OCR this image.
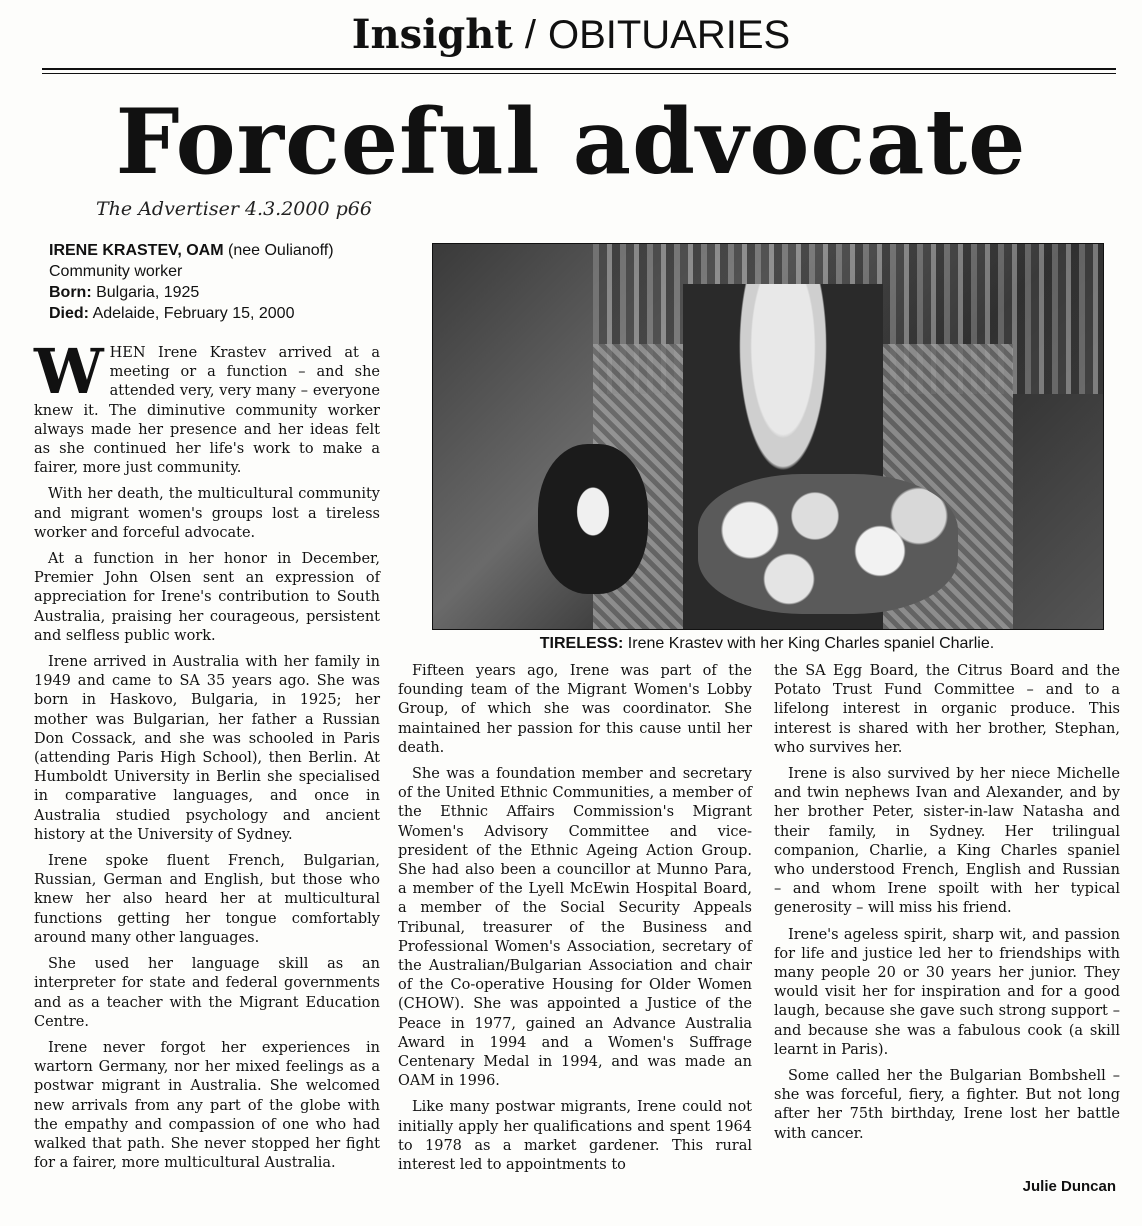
Insight / OBITUARIES
Forceful advocate
The Advertiser 4.3.2000 p66
IRENE KRASTEV, OAM (nee Oulianoff)
Community worker
Born: Bulgaria, 1925
Died: Adelaide, February 15, 2000
TIRELESS: Irene Krastev with her King Charles spaniel Charlie.

WHEN Irene Krastev arrived at a meeting or a function – and she attended very, very many – everyone knew it. The diminutive community worker always made her presence and her ideas felt as she continued her life's work to make a fairer, more just community.

With her death, the multicultural community and migrant women's groups lost a tireless worker and forceful advocate.

At a function in her honor in December, Premier John Olsen sent an expression of appreciation for Irene's contribution to South Australia, praising her courageous, persistent and selfless public work.

Irene arrived in Australia with her family in 1949 and came to SA 35 years ago. She was born in Haskovo, Bulgaria, in 1925; her mother was Bulgarian, her father a Russian Don Cossack, and she was schooled in Paris (attending Paris High School), then Berlin. At Humboldt University in Berlin she specialised in comparative languages, and once in Australia studied psychology and ancient history at the University of Sydney.

Irene spoke fluent French, Bulgarian, Russian, German and English, but those who knew her also heard her at multicultural functions getting her tongue comfortably around many other languages.

She used her language skill as an interpreter for state and federal governments and as a teacher with the Migrant Education Centre.

Irene never forgot her experiences in wartorn Germany, nor her mixed feelings as a postwar migrant in Australia. She welcomed new arrivals from any part of the globe with the empathy and compassion of one who had walked that path. She never stopped her fight for a fairer, more multicultural Australia.

Fifteen years ago, Irene was part of the founding team of the Migrant Women's Lobby Group, of which she was coordinator. She maintained her passion for this cause until her death.

She was a foundation member and secretary of the United Ethnic Communities, a member of the Ethnic Affairs Commission's Migrant Women's Advisory Committee and vice-president of the Ethnic Ageing Action Group. She had also been a councillor at Munno Para, a member of the Lyell McEwin Hospital Board, a member of the Social Security Appeals Tribunal, treasurer of the Business and Professional Women's Association, secretary of the Australian/Bulgarian Association and chair of the Co-operative Housing for Older Women (CHOW). She was appointed a Justice of the Peace in 1977, gained an Advance Australia Award in 1994 and a Women's Suffrage Centenary Medal in 1994, and was made an OAM in 1996.

Like many postwar migrants, Irene could not initially apply her qualifications and spent 1964 to 1978 as a market gardener. This rural interest led to appointments to

the SA Egg Board, the Citrus Board and the Potato Trust Fund Committee – and to a lifelong interest in organic produce. This interest is shared with her brother, Stephan, who survives her.

Irene is also survived by her niece Michelle and twin nephews Ivan and Alexander, and by her brother Peter, sister-in-law Natasha and their family, in Sydney. Her trilingual companion, Charlie, a King Charles spaniel who understood French, English and Russian – and whom Irene spoilt with her typical generosity – will miss his friend.

Irene's ageless spirit, sharp wit, and passion for life and justice led her to friendships with many people 20 or 30 years her junior. They would visit her for inspiration and for a good laugh, because she gave such strong support – and because she was a fabulous cook (a skill learnt in Paris).

Some called her the Bulgarian Bombshell – she was forceful, fiery, a fighter. But not long after her 75th birthday, Irene lost her battle with cancer.

Julie Duncan
